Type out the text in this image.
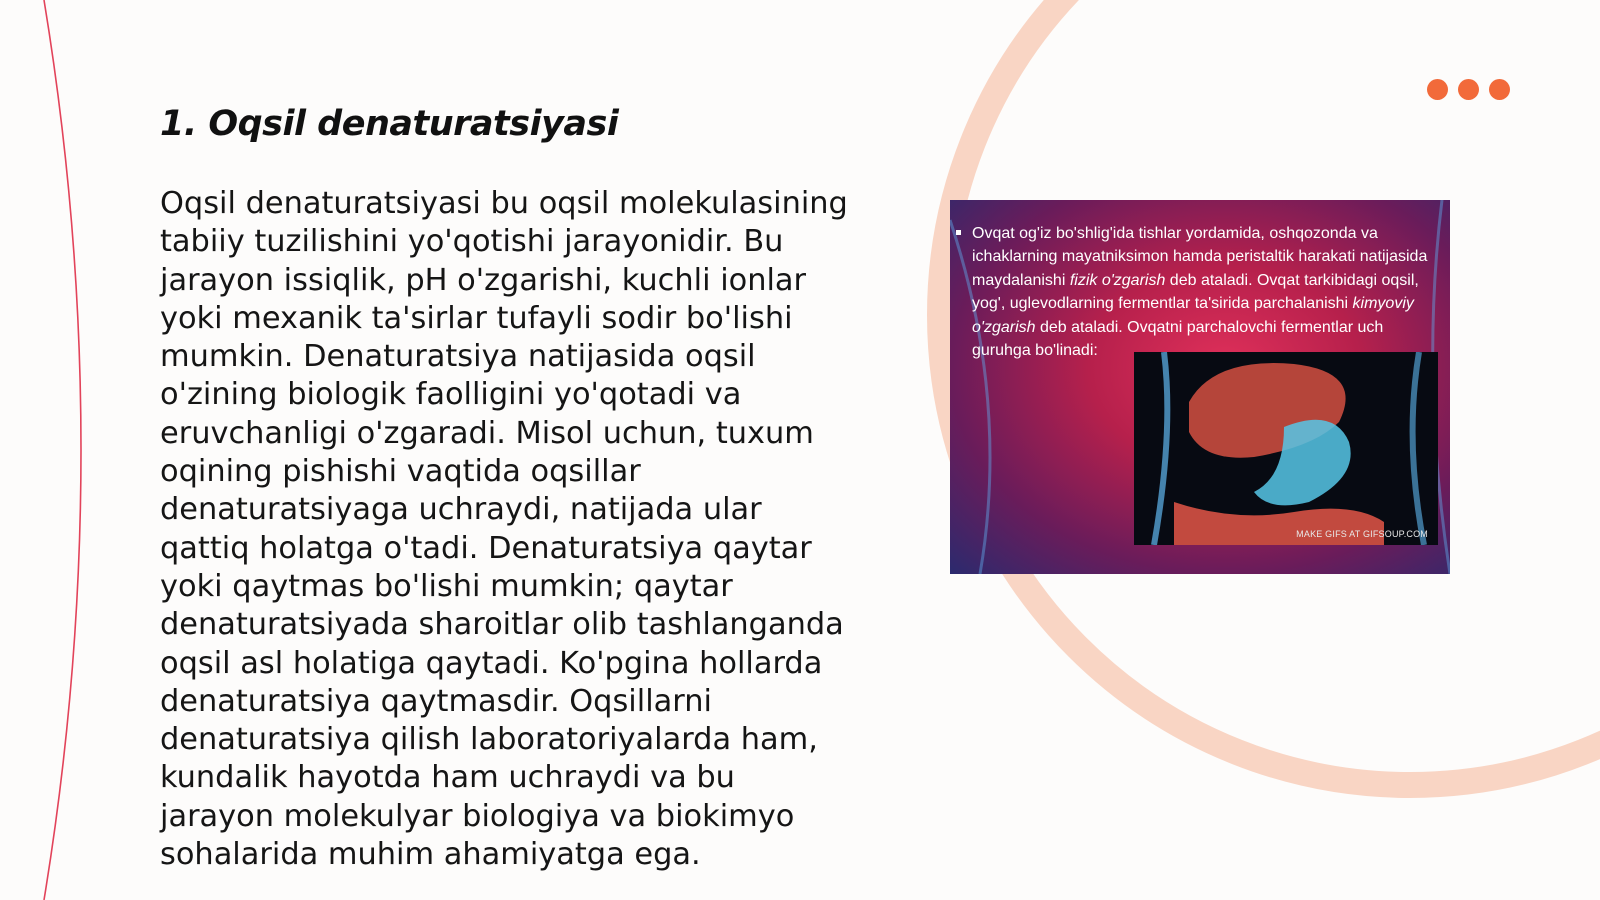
1. Oqsil denaturatsiyasi

Oqsil denaturatsiyasi bu oqsil molekulasining tabiiy tuzilishini yo'qotishi jarayonidir. Bu jarayon issiqlik, pH o'zgarishi, kuchli ionlar yoki mexanik ta'sirlar tufayli sodir bo'lishi mumkin. Denaturatsiya natijasida oqsil o'zining biologik faolligini yo'qotadi va eruvchanligi o'zgaradi. Misol uchun, tuxum oqining pishishi vaqtida oqsillar denaturatsiyaga uchraydi, natijada ular qattiq holatga o'tadi. Denaturatsiya qaytar yoki qaytmas bo'lishi mumkin; qaytar denaturatsiyada sharoitlar olib tashlanganda oqsil asl holatiga qaytadi. Ko'pgina hollarda denaturatsiya qaytmasdir. Oqsillarni denaturatsiya qilish laboratoriyalarda ham, kundalik hayotda ham uchraydi va bu jarayon molekulyar biologiya va biokimyo sohalarida muhim ahamiyatga ega.

Ovqat og'iz bo'shlig'ida tishlar yordamida, oshqozonda va ichaklarning mayatniksimon hamda peristaltik harakati natijasida maydalanishi fizik o'zgarish deb ataladi. Ovqat tarkibidagi oqsil, yog', uglevodlarning fermentlar ta'sirida parchalanishi kimyoviy o'zgarish deb ataladi. Ovqatni parchalovchi fermentlar uch guruhga bo'linadi:

MAKE GIFS AT GIFSOUP.COM
